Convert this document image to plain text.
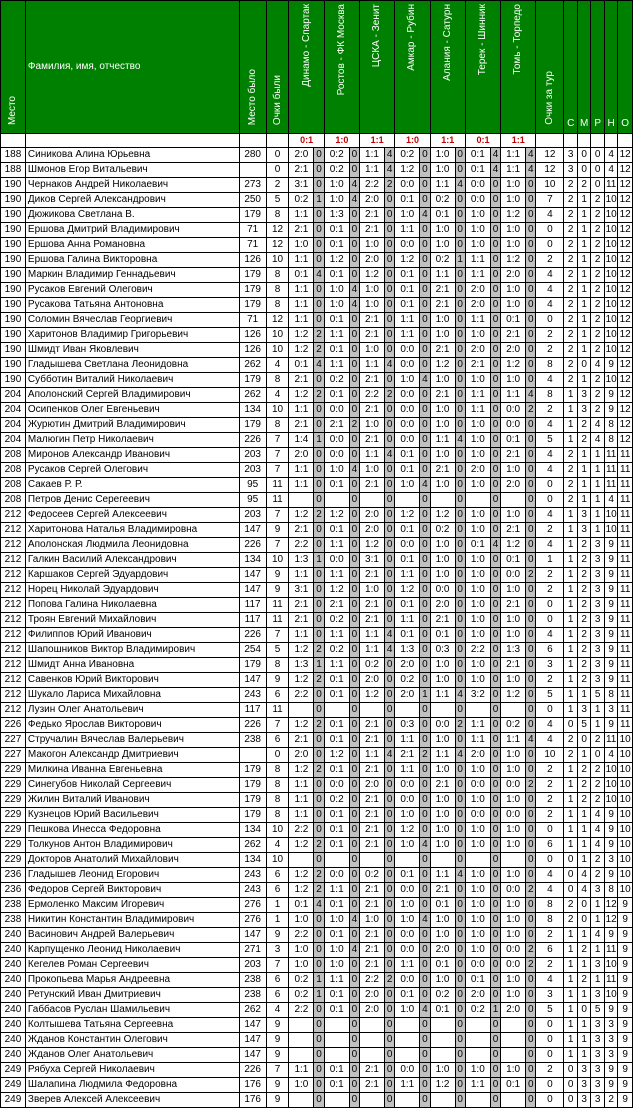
Место	Фамилия, имя, отчество	Место было	Очки были	Динамо - Спартак		Ростов - ФК Москва		ЦСКА - Зенит		Амкар - Рубин		Алания - Сатурн		Терек - Шинник		Томь - Торпедо		Очки за тур	С	М	Р	Н	О
				0:1		1:0		1:1		1:0		1:1		0:1		1:1							
188	Синикова Алина Юрьевна	280	0	2:0	0	0:2	0	1:1	4	0:2	0	1:0	0	0:1	4	1:1	4	12	3	0	0	4	12
188	Шмонов Егор Витальевич		0	2:1	0	0:2	0	1:1	4	1:2	0	1:0	0	0:1	4	1:1	4	12	3	0	0	4	12
190	Чернаков Андрей Николаевич	273	2	3:1	0	1:0	4	2:2	2	0:0	0	1:1	4	0:0	0	1:0	0	10	2	2	0	11	12
190	Диков Сергей Александрович	250	5	0:2	1	1:0	4	2:0	0	0:1	0	0:2	0	0:0	0	1:0	0	7	2	1	2	10	12
190	Дюжикова Светлана В.	179	8	1:1	0	1:3	0	2:1	0	1:0	4	0:1	0	1:0	0	1:2	0	4	2	1	2	10	12
190	Ершова Дмитрий Владимирович	71	12	2:1	0	0:1	0	2:1	0	1:1	0	1:0	0	1:0	0	1:0	0	0	2	1	2	10	12
190	Ершова Анна Романовна	71	12	1:0	0	0:1	0	1:0	0	0:0	0	1:0	0	1:0	0	1:0	0	0	2	1	2	10	12
190	Ершова Галина Викторовна	126	10	1:1	0	1:2	0	2:0	0	1:2	0	0:2	1	1:1	0	1:2	0	2	2	1	2	10	12
190	Маркин Владимир Геннадьевич	179	8	0:1	4	0:1	0	1:2	0	0:1	0	1:1	0	1:1	0	2:0	0	4	2	1	2	10	12
190	Русаков Евгений Олегович	179	8	1:1	0	1:0	4	1:0	0	0:1	0	2:1	0	2:0	0	1:0	0	4	2	1	2	10	12
190	Русакова Татьяна Антоновна	179	8	1:1	0	1:0	4	1:0	0	0:1	0	2:1	0	2:0	0	1:0	0	4	2	1	2	10	12
190	Соломин Вячеслав Георгиевич	71	12	1:1	0	0:1	0	2:1	0	1:1	0	1:0	0	1:1	0	0:1	0	0	2	1	2	10	12
190	Харитонов Владимир Григорьевич	126	10	1:2	2	1:1	0	2:1	0	1:1	0	1:0	0	1:0	0	2:1	0	2	2	1	2	10	12
190	Шмидт Иван Яковлевич	126	10	1:2	2	0:1	0	1:0	0	0:0	0	2:1	0	2:0	0	2:0	0	2	2	1	2	10	12
190	Гладышева Светлана Леонидовна	262	4	0:1	4	1:1	0	1:1	4	0:0	0	1:2	0	2:1	0	1:2	0	8	2	0	4	9	12
190	Субботин Виталий Николаевич	179	8	2:1	0	0:2	0	2:1	0	1:0	4	1:0	0	1:0	0	1:0	0	4	2	1	2	10	12
204	Аполонский Сергей Владимирович	262	4	1:2	2	0:1	0	2:2	2	0:0	0	2:1	0	1:1	0	1:1	4	8	1	3	2	9	12
204	Осипенков Олег Евгеньевич	134	10	1:1	0	0:0	0	2:1	0	0:0	0	1:0	0	1:1	0	0:0	2	2	1	3	2	9	12
204	Журютин Дмитрий Владимирович	179	8	2:1	0	2:1	2	1:0	0	0:0	0	1:0	0	1:0	0	0:0	0	4	1	2	4	8	12
204	Малюгин Петр Николаевич	226	7	1:4	1	0:0	0	2:1	0	0:0	0	1:1	4	1:0	0	0:1	0	5	1	2	4	8	12
208	Миронов Александр Иванович	203	7	2:0	0	0:0	0	1:1	4	0:1	0	1:0	0	1:0	0	2:1	0	4	2	1	1	11	11
208	Русаков Сергей Олегович	203	7	1:1	0	1:0	4	1:0	0	0:1	0	2:1	0	2:0	0	1:0	0	4	2	1	1	11	11
208	Сакаев Р. Р.	95	11	1:1	0	0:1	0	2:1	0	1:0	4	1:0	0	1:0	0	2:0	0	0	2	1	1	11	11
208	Петров Денис Серегеевич	95	11		0		0		0		0		0		0		0	0	2	1	1	4	11
212	Федосеев Сергей Алексеевич	203	7	1:2	2	1:2	0	2:0	0	1:2	0	1:2	0	1:0	0	1:0	0	4	1	3	1	10	11
212	Харитонова Наталья Владимировна	147	9	2:1	0	0:1	0	2:0	0	0:1	0	0:2	0	1:0	0	2:1	0	2	1	3	1	10	11
212	Аполонская Людмила Леонидовна	226	7	2:2	0	1:1	0	1:2	0	0:0	0	1:0	0	0:1	4	1:2	0	4	1	2	3	9	11
212	Галкин Василий Александрович	134	10	1:3	1	0:0	0	3:1	0	0:1	0	1:0	0	1:0	0	0:1	0	1	1	2	3	9	11
212	Каршаков Сергей Эдуардович	147	9	1:1	0	1:1	0	2:1	0	1:1	0	1:0	0	1:0	0	0:0	2	2	1	2	3	9	11
212	Норец Николай Эдуардович	147	9	3:1	0	1:2	0	1:0	0	1:2	0	0:0	0	1:0	0	1:0	0	2	1	2	3	9	11
212	Попова Галина Николаевна	117	11	2:1	0	2:1	0	2:1	0	0:1	0	2:0	0	1:0	0	2:1	0	0	1	2	3	9	11
212	Троян Евгений Михайлович	117	11	2:1	0	0:2	0	2:1	0	1:1	0	2:1	0	1:0	0	1:0	0	0	1	2	3	9	11
212	Филиппов Юрий Иванович	226	7	1:1	0	1:1	0	1:1	4	0:1	0	0:1	0	1:0	0	1:0	0	4	1	2	3	9	11
212	Шапошников Виктор Владимирович	254	5	1:2	2	0:2	0	1:1	4	1:3	0	0:3	0	2:2	0	1:3	0	6	1	2	3	9	11
212	Шмидт Анна Ивановна	179	8	1:3	1	1:1	0	0:2	0	2:0	0	1:0	0	1:0	0	2:1	0	3	1	2	3	9	11
212	Савенков Юрий Викторович	147	9	1:2	2	0:1	0	2:0	0	0:2	0	1:0	0	1:0	0	1:0	0	2	1	2	3	9	11
212	Шукало Лариса Михайловна	243	6	2:2	0	0:1	0	1:2	0	2:0	1	1:1	4	3:2	0	1:2	0	5	1	1	5	8	11
212	Лузин Олег Анатольевич	117	11		0		0		0		0		0		0		0	0	1	3	1	3	11
226	Федько Ярослав Викторович	226	7	1:2	2	0:1	0	2:1	0	0:3	0	0:0	2	1:1	0	0:2	0	4	0	5	1	9	11
227	Стручалин Вячеслав Валерьевич	238	6	2:1	0	0:1	0	2:1	0	1:1	0	1:0	0	1:1	0	1:1	4	4	2	0	2	11	10
227	Макогон Александр Дмитриевич		0	2:0	0	1:2	0	1:1	4	2:1	2	1:1	4	2:0	0	1:0	0	10	2	1	0	4	10
229	Милкина Иванна Евгеньевна	179	8	1:2	2	0:1	0	2:1	0	1:1	0	1:0	0	1:0	0	1:0	0	2	1	2	2	10	10
229	Синегубов Николай Сергеевич	179	8	1:1	0	0:0	0	2:0	0	0:0	0	2:1	0	0:0	0	0:0	2	2	1	2	2	10	10
229	Жилин Виталий Иванович	179	8	1:1	0	0:2	0	2:1	0	0:0	0	1:0	0	1:0	0	1:0	0	2	1	2	2	10	10
229	Кузнецов Юрий Васильевич	179	8	1:1	0	0:1	0	2:1	0	1:0	0	1:0	0	0:0	0	0:0	0	2	1	1	4	9	10
229	Пешкова Инесса Федоровна	134	10	2:2	0	0:1	0	2:1	0	1:2	0	1:0	0	1:0	0	1:0	0	0	1	1	4	9	10
229	Толкунов Антон Владимирович	262	4	1:2	2	0:1	0	2:1	0	1:0	4	1:0	0	1:0	0	1:0	0	6	1	1	4	9	10
229	Докторов Анатолий Михайлович	134	10		0		0		0		0		0		0		0	0	0	1	2	3	10
236	Гладышев Леонид Егорович	243	6	1:2	2	0:0	0	0:2	0	0:1	0	1:1	4	1:0	0	1:0	0	4	0	4	2	9	10
236	Федоров Сергей Викторович	243	6	1:2	2	1:1	0	2:1	0	0:0	0	2:1	0	1:0	0	0:0	2	4	0	4	3	8	10
238	Ермоленко Максим Игоревич	276	1	0:1	4	0:1	0	2:1	0	1:0	0	0:1	0	1:0	0	1:0	0	8	2	0	1	12	9
238	Никитин Константин Владимирович	276	1	1:0	0	1:0	4	1:0	0	1:0	4	1:0	0	1:0	0	1:0	0	8	2	0	1	12	9
240	Васинович Андрей Валерьевич	147	9	2:2	0	0:1	0	2:1	0	0:0	0	1:0	0	1:0	0	1:0	0	2	1	1	4	9	9
240	Карпущенко Леонид Николаевич	271	3	1:0	0	1:0	4	2:1	0	0:0	0	2:0	0	1:0	0	0:0	2	6	1	2	1	11	9
240	Кегелев Роман Сергеевич	203	7	1:0	0	1:0	0	2:1	0	1:1	0	0:1	0	0:0	0	0:0	2	2	1	1	3	10	9
240	Прокопьева Марья Андреевна	238	6	0:2	1	1:1	0	2:2	2	0:0	0	1:0	0	0:1	0	1:0	0	4	1	2	1	11	9
240	Ретунский Иван Дмитриевич	238	6	0:2	1	0:1	0	2:0	0	0:1	0	0:2	0	2:0	0	1:0	0	3	1	1	3	10	9
240	Габбасов Руслан Шамильевич	262	4	2:2	0	0:1	0	2:0	0	1:0	4	0:1	0	0:2	1	2:0	0	5	1	0	5	9	9
240	Колтышева Татьяна Сергеевна	147	9		0		0		0		0		0		0		0	0	1	1	3	3	9
240	Жданов Константин Олегович	147	9		0		0		0		0		0		0		0	0	1	1	3	3	9
240	Жданов Олег Анатольевич	147	9		0		0		0		0		0		0		0	0	1	1	3	3	9
249	Рябуха Сергей Николаевич	226	7	1:1	0	0:1	0	2:1	0	0:0	0	1:0	0	1:0	0	1:0	0	2	0	3	3	9	9
249	Шалапина Людмила Федоровна	176	9	1:0	0	0:1	0	2:1	0	1:1	0	1:2	0	1:1	0	0:1	0	0	0	3	3	9	9
249	Зверев Алексей Алексеевич	176	9		0		0		0		0		0		0		0	0	0	3	3	2	9
